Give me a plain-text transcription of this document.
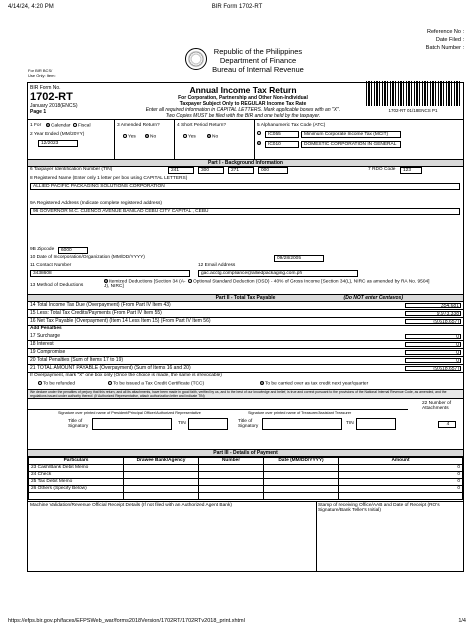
4/14/24, 4:20 PM	BIR Form 1702-RT
Reference No :
Date Filed :
Batch Number :
Republic of the Philippines
Department of Finance
Bureau of Internal Revenue
For BIR BCS/
Use Only: Item:
1702-RT 01/18ENCS P1
BIR Form No.
1702-RT
January 2018(ENCS)
Page 1
Annual Income Tax Return
For Corporation, Partnership and Other Non-Individual
Taxpayer Subject Only to REGULAR Income Tax Rate
Enter all required information in CAPITAL LETTERS. Mark applicable boxes with an "X".
Two Copies MUST be filed with the BIR and one held by the taxpayer.
1 For	Calendar	Fiscal
2 Year Ended (MM/20YY)
12/2023
3 Amended Return?
Yes	No
4 Short Period Return?
Yes	No
5 Alphanumeric Tax Code (ATC)
IC055	Minimum Corporate Income Tax (MCIT)
IC010	DOMESTIC CORPORATION IN GENERAL
Part I - Background Information
6 Taxpayer Identification Number (TIN)	241	300	271	000	7 RDO Code	123
8 Registered Name (Enter only 1 letter per box using CAPITAL LETTERS)
ALLIED PACIFIC PACKAGING SOLUTIONS CORPORATION
9A Registered Address (Indicate complete registered address)
96 GOVERNOR M.C. CUENCO AVENUE BANILAD CEBU CITY CAPITAL , CEBU
9B Zipcode	6000
10 Date of Incorporation/Organization (MM/DD/YYYY)	09/28/2005
11 Contact Number
3438608
12 Email Address
gac.acctg.compliance@alliedpackaging.com.ph
13 Method of Deductions
Itemized Deductions [Section 34 (A-J), NIRC]
Optional Standard Deduction (OSD) - 40% of Gross Income [Section 34(L), NIRC as amended by RA No. 9504]
Part II - Total Tax Payable	(Do NOT enter Centavos)
14 Total Income Tax Due (Overpayment) (From Part IV Item 43)	354,681
15 Less: Total Tax Credits/Payments (From Part IV Item 55)	9,973,338
16 Net Tax Payable (Overpayment) (Item 14 Less Item 15) (From Part IV Item 56)	(9,618,657)
Add Penalties
17 Surcharge	0
18 Interest	0
19 Compromise	0
20 Total Penalties (Sum of Items 17 to 19)	0
21 TOTAL AMOUNT PAYABLE (Overpayment) (Sum of Items 16 and 20)	(9,618,657)
If Overpayment, mark "X" one box only (Once the choice is made, the same is irrevocable)
To be refunded	To be issued a Tax Credit Certificate (TCC)	To be carried over as tax credit next year/quarter
We declare under the penalties of perjury that this return, and all its attachments, have been made in good faith, verified by us, and to the best of our knowledge and belief, is true and correct pursuant to the provisions of the National Internal Revenue Code, as amended, and the regulations issued under authority thereof. (If Authorized Representative, attach authorization letter and indicate TIN)
Signature over printed name of President/Principal Officer/Authorized Representative	Signature over printed name of Treasurer/Assistant Treasurer
22 Number of Attachments
4
Title of Signatory
TIN	Title of Signatory
TIN
Part III - Details of Payment
Particulars	Drawee Bank/Agency	Number	Date (MM/DD/YYYY)	Amount
23 Cash/Bank Debit Memo				0
24 Check				0
25 Tax Debit Memo				0
26 Others (Specify Below)				0

Machine Validation/Revenue Official Receipt Details (If not filed with an Authorized Agent Bank)	Stamp of receiving Office/AAB and Date of Receipt (RO's Signature/Bank Teller's Initial)
https://efps.bir.gov.ph/faces/EFPSWeb_war/forms2018Version/1702RT/1702RTv2018_print.xhtml	1/4
